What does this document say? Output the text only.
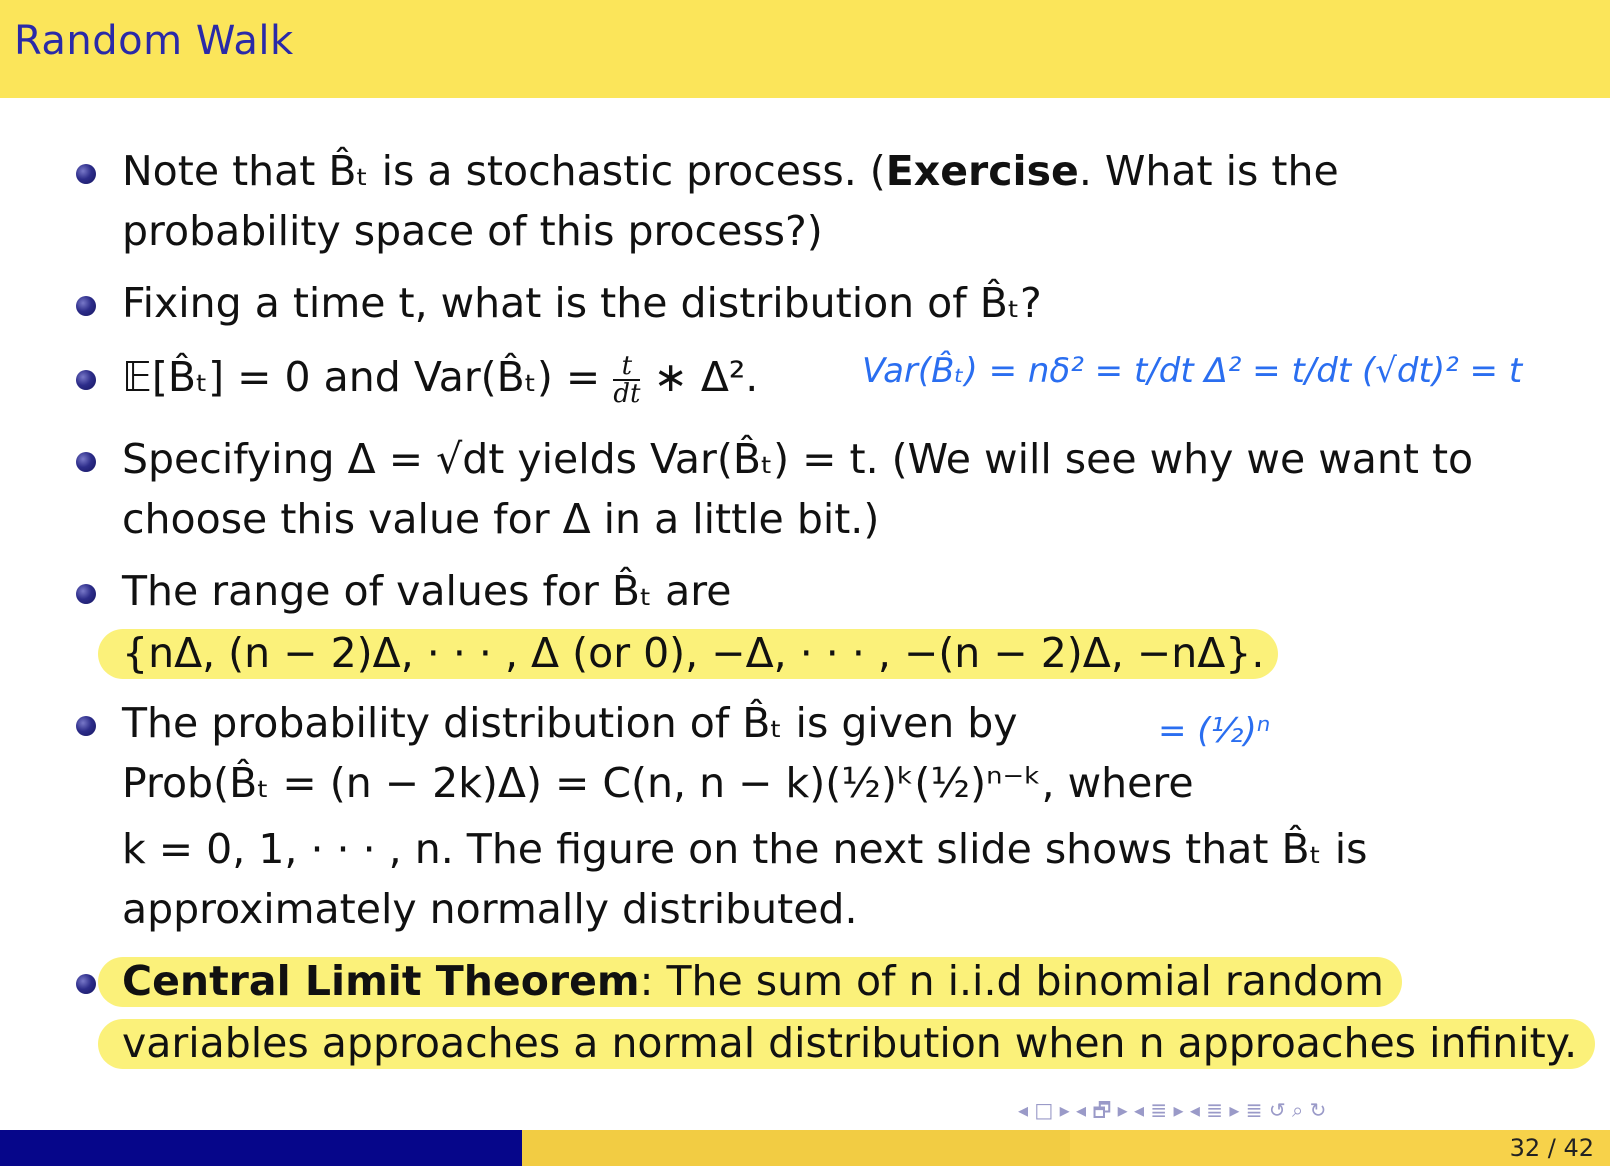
Random Walk
Note that B̂ₜ is a stochastic process. (Exercise. What is the
probability space of this process?)
Fixing a time t, what is the distribution of B̂ₜ?
𝔼[B̂ₜ] = 0 and Var(B̂ₜ) = $\frac{t}{dt}$ ∗ Δ².	Var(B̂ₜ) = nδ² = t/dt Δ² = t/dt (√dt)² = t
Specifying Δ = √dt yields Var(B̂ₜ) = t. (We will see why we want to
choose this value for Δ in a little bit.)
The range of values for B̂ₜ are
{nΔ, (n − 2)Δ, · · · , Δ (or 0), −Δ, · · · , −(n − 2)Δ, −nΔ}.
The probability distribution of B̂ₜ is given by	= (½)ⁿ
Prob(B̂ₜ = (n − 2k)Δ) = C(n, n − k)(½)ᵏ(½)ⁿ⁻ᵏ, where
k = 0, 1, · · · , n. The figure on the next slide shows that B̂ₜ is
approximately normally distributed.
Central Limit Theorem: The sum of n i.i.d binomial random
variables approaches a normal distribution when n approaches infinity.
◂ □ ▸ ◂ 🗗 ▸ ◂ ≣ ▸ ◂ ≣ ▸ ≣ ↺ ⌕ ↻
32 / 42
